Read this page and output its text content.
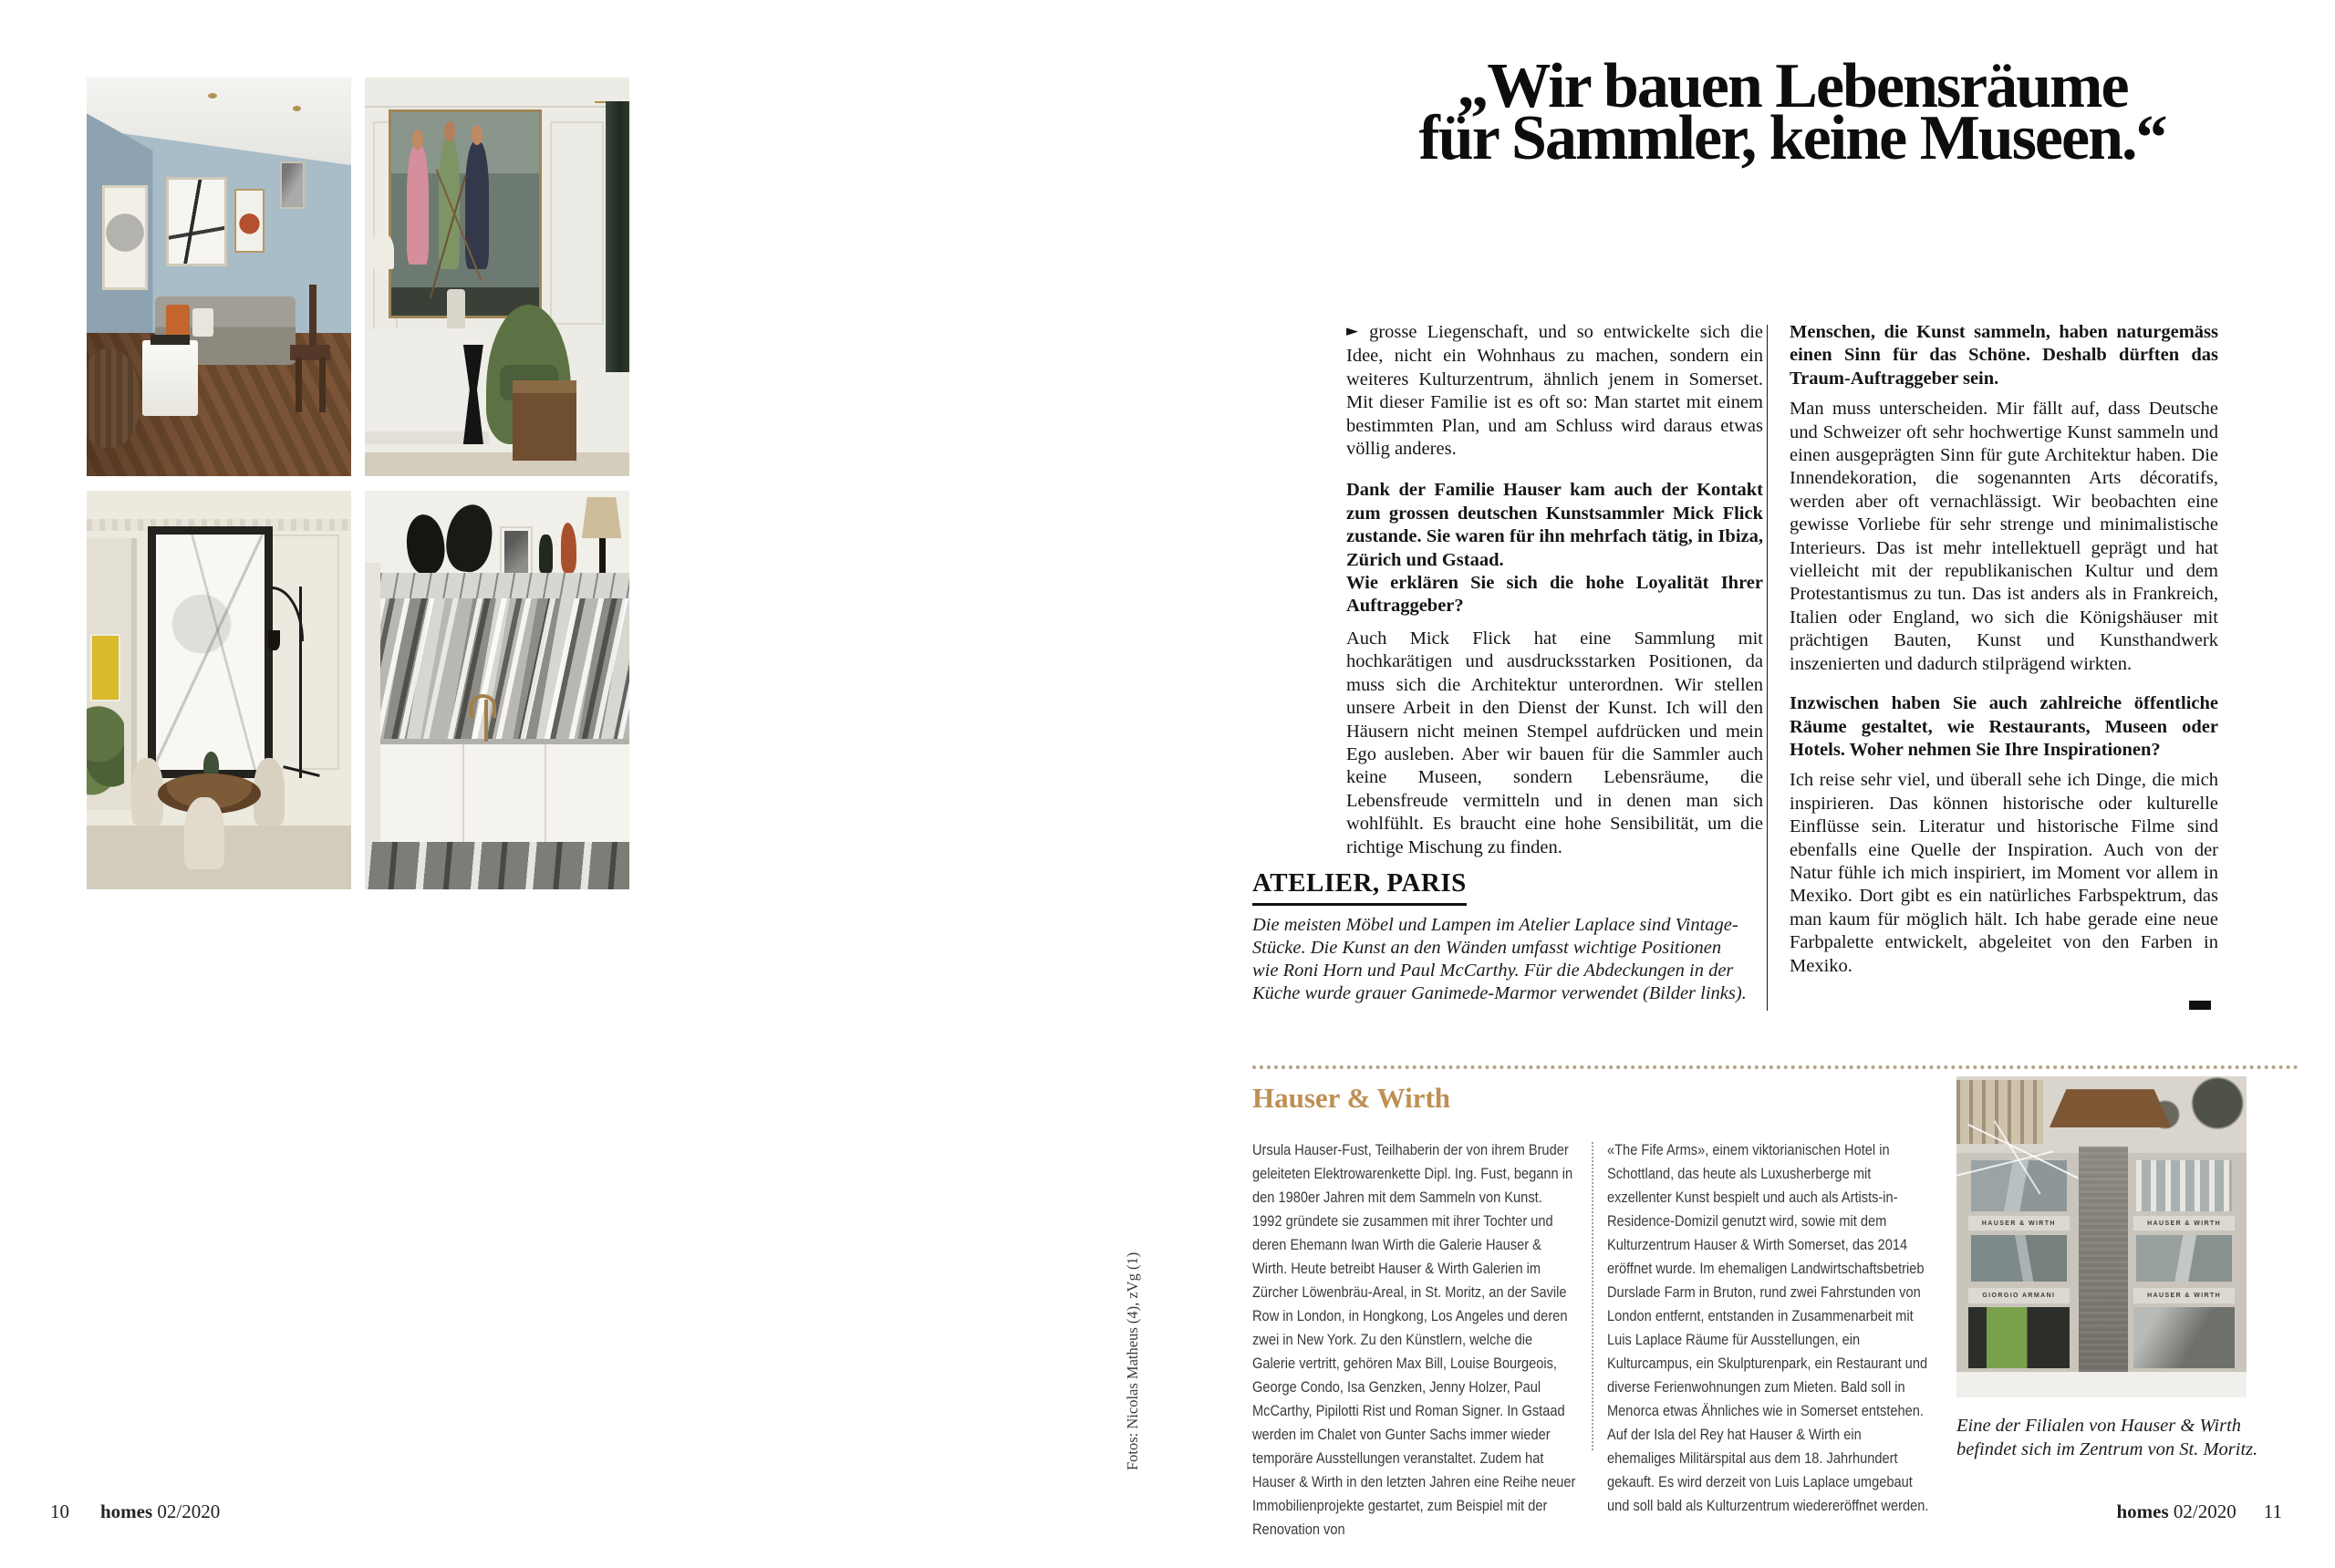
„Wir bauen Lebensräume
für Sammler, keine Museen.“

► grosse Liegenschaft, und so entwickelte sich die Idee, nicht ein Wohnhaus zu machen, sondern ein weiteres Kulturzentrum, ähnlich jenem in Somerset. Mit dieser Familie ist es oft so: Man startet mit einem bestimmten Plan, und am Schluss wird daraus etwas völlig anderes.

Dank der Familie Hauser kam auch der Kontakt zum grossen deutschen Kunstsammler Mick Flick zustande. Sie waren für ihn mehrfach tätig, in Ibiza, Zürich und Gstaad.

Wie erklären Sie sich die hohe Loyalität Ihrer Auftraggeber?

Auch Mick Flick hat eine Sammlung mit hochkarätigen und ausdrucksstarken Positionen, da muss sich die Architektur unterordnen. Wir stellen unsere Arbeit in den Dienst der Kunst. Ich will den Häusern nicht meinen Stempel aufdrücken und mein Ego ausleben. Aber wir bauen für die Sammler auch keine Museen, sondern Lebensräume, die Lebensfreude vermitteln und in denen man sich wohlfühlt. Es braucht eine hohe Sensibilität, um die richtige Mischung zu finden.

Menschen, die Kunst sammeln, haben naturgemäss einen Sinn für das Schöne. Deshalb dürften das Traum-Auftraggeber sein.

Man muss unterscheiden. Mir fällt auf, dass Deutsche und Schweizer oft sehr hochwertige Kunst sammeln und einen ausgeprägten Sinn für gute Architektur haben. Die Innendekoration, die sogenannten Arts décoratifs, werden aber oft vernachlässigt. Wir beobachten eine gewisse Vorliebe für sehr strenge und minimalistische Interieurs. Das ist mehr intellektuell geprägt und hat vielleicht mit der republikanischen Kultur und dem Protestantismus zu tun. Das ist anders als in Frankreich, Italien oder England, wo sich die Königshäuser mit prächtigen Bauten, Kunst und Kunsthandwerk inszenierten und dadurch stilprägend wirkten.

Inzwischen haben Sie auch zahlreiche öffentliche Räume gestaltet, wie Restaurants, Museen oder Hotels. Woher nehmen Sie Ihre Inspirationen?

Ich reise sehr viel, und überall sehe ich Dinge, die mich inspirieren. Das können historische oder kulturelle Einflüsse sein. Literatur und historische Filme sind ebenfalls eine Quelle der Inspiration. Auch von der Natur fühle ich mich inspiriert, im Moment vor allem in Mexiko. Dort gibt es ein natürliches Farbspektrum, das man kaum für möglich hält. Ich habe gerade eine neue Farbpalette entwickelt, abgeleitet von den Farben in Mexiko.

ATELIER, PARIS

Die meisten Möbel und Lampen im Atelier Laplace sind Vintage-Stücke. Die Kunst an den Wänden umfasst wichtige Positionen wie Roni Horn und Paul McCarthy. Für die Abdeckungen in der Küche wurde grauer Ganimede-Marmor verwendet (Bilder links).

Hauser & Wirth
Ursula Hauser-Fust, Teilhaberin der von ihrem Bruder geleiteten Elektrowarenkette Dipl. Ing. Fust, begann in den 1980er Jahren mit dem Sammeln von Kunst. 1992 gründete sie zusammen mit ihrer Tochter und deren Ehemann Iwan Wirth die Galerie Hauser & Wirth. Heute betreibt Hauser & Wirth Galerien im Zürcher Löwenbräu-Areal, in St. Moritz, an der Savile Row in London, in Hongkong, Los Angeles und deren zwei in New York. Zu den Künstlern, welche die Galerie vertritt, gehören Max Bill, Louise Bourgeois, George Condo, Isa Genzken, Jenny Holzer, Paul McCarthy, Pipilotti Rist und Roman Signer. In Gstaad werden im Chalet von Gunter Sachs immer wieder temporäre Ausstellungen veranstaltet. Zudem hat Hauser & Wirth in den letzten Jahren eine Reihe neuer Immobilienprojekte gestartet, zum Beispiel mit der Renovation von
«The Fife Arms», einem viktorianischen Hotel in Schottland, das heute als Luxusherberge mit exzellenter Kunst bespielt und auch als Artists-in-Residence-Domizil genutzt wird, sowie mit dem Kulturzentrum Hauser & Wirth Somerset, das 2014 eröffnet wurde. Im ehemaligen Landwirtschaftsbetrieb Durslade Farm in Bruton, rund zwei Fahrstunden von London entfernt, entstanden in Zusammenarbeit mit Luis Laplace Räume für Ausstellungen, ein Kulturcampus, ein Skulpturenpark, ein Restaurant und diverse Ferienwohnungen zum Mieten. Bald soll in Menorca etwas Ähnliches wie in Somerset entstehen. Auf der Isla del Rey hat Hauser & Wirth ein ehemaliges Militärspital aus dem 18. Jahrhundert gekauft. Es wird derzeit von Luis Laplace umgebaut und soll bald als Kulturzentrum wiedereröffnet werden.
HAUSER & WIRTH	HAUSER & WIRTH
GIORGIO ARMANI	HAUSER & WIRTH
Eine der Filialen von Hauser & Wirth befindet sich im Zentrum von St. Moritz.
10 homes 02/2020	homes 02/2020 11
Fotos: Nicolas Matheus (4), zVg (1)
